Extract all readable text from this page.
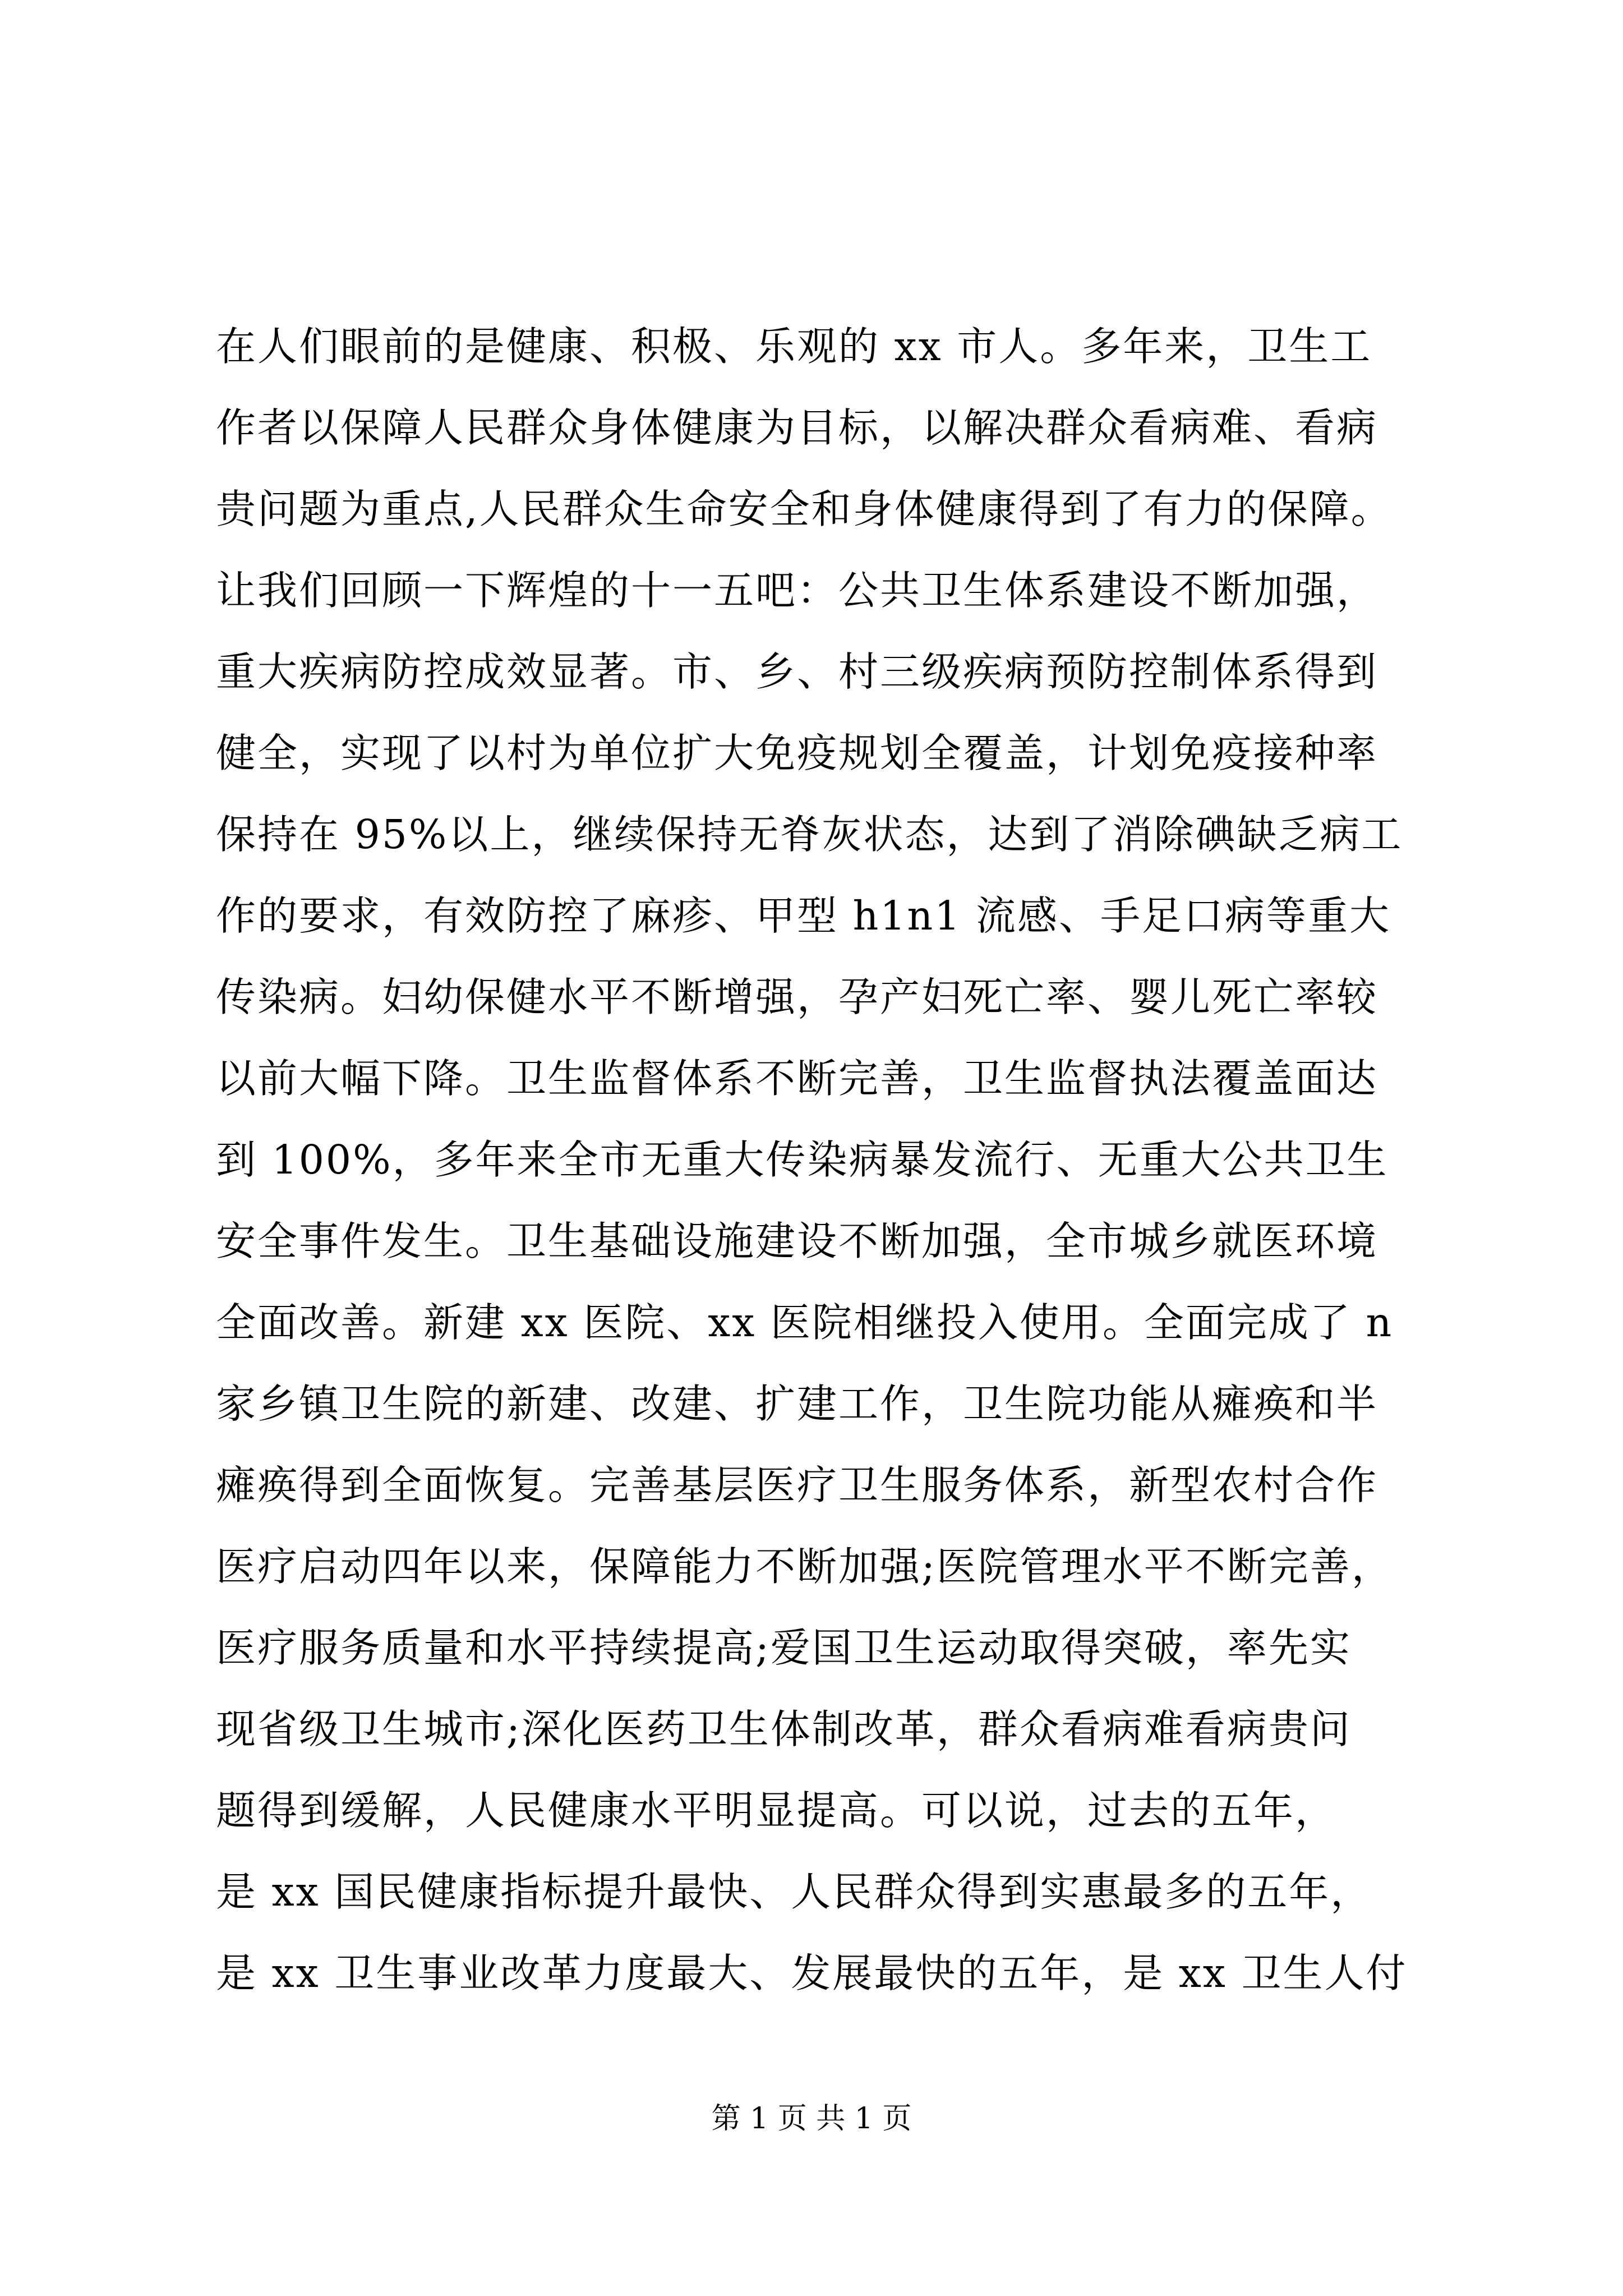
在人们眼前的是健康、积极、乐观的 xx 市人。多年来，卫生工
作者以保障人民群众身体健康为目标，以解决群众看病难、看病
贵问题为重点,人民群众生命安全和身体健康得到了有力的保障。
让我们回顾一下辉煌的十一五吧：公共卫生体系建设不断加强，
重大疾病防控成效显著。市、乡、村三级疾病预防控制体系得到
健全，实现了以村为单位扩大免疫规划全覆盖，计划免疫接种率
保持在 95%以上，继续保持无脊灰状态，达到了消除碘缺乏病工
作的要求，有效防控了麻疹、甲型 h1n1 流感、手足口病等重大
传染病。妇幼保健水平不断增强，孕产妇死亡率、婴儿死亡率较
以前大幅下降。卫生监督体系不断完善，卫生监督执法覆盖面达
到 100%，多年来全市无重大传染病暴发流行、无重大公共卫生
安全事件发生。卫生基础设施建设不断加强，全市城乡就医环境
全面改善。新建 xx 医院、xx 医院相继投入使用。全面完成了 n
家乡镇卫生院的新建、改建、扩建工作，卫生院功能从瘫痪和半
瘫痪得到全面恢复。完善基层医疗卫生服务体系，新型农村合作
医疗启动四年以来，保障能力不断加强;医院管理水平不断完善，
医疗服务质量和水平持续提高;爱国卫生运动取得突破，率先实
现省级卫生城市;深化医药卫生体制改革，群众看病难看病贵问
题得到缓解，人民健康水平明显提高。可以说，过去的五年，
是 xx 国民健康指标提升最快、人民群众得到实惠最多的五年，
是 xx 卫生事业改革力度最大、发展最快的五年，是 xx 卫生人付
第 1 页 共 1 页
